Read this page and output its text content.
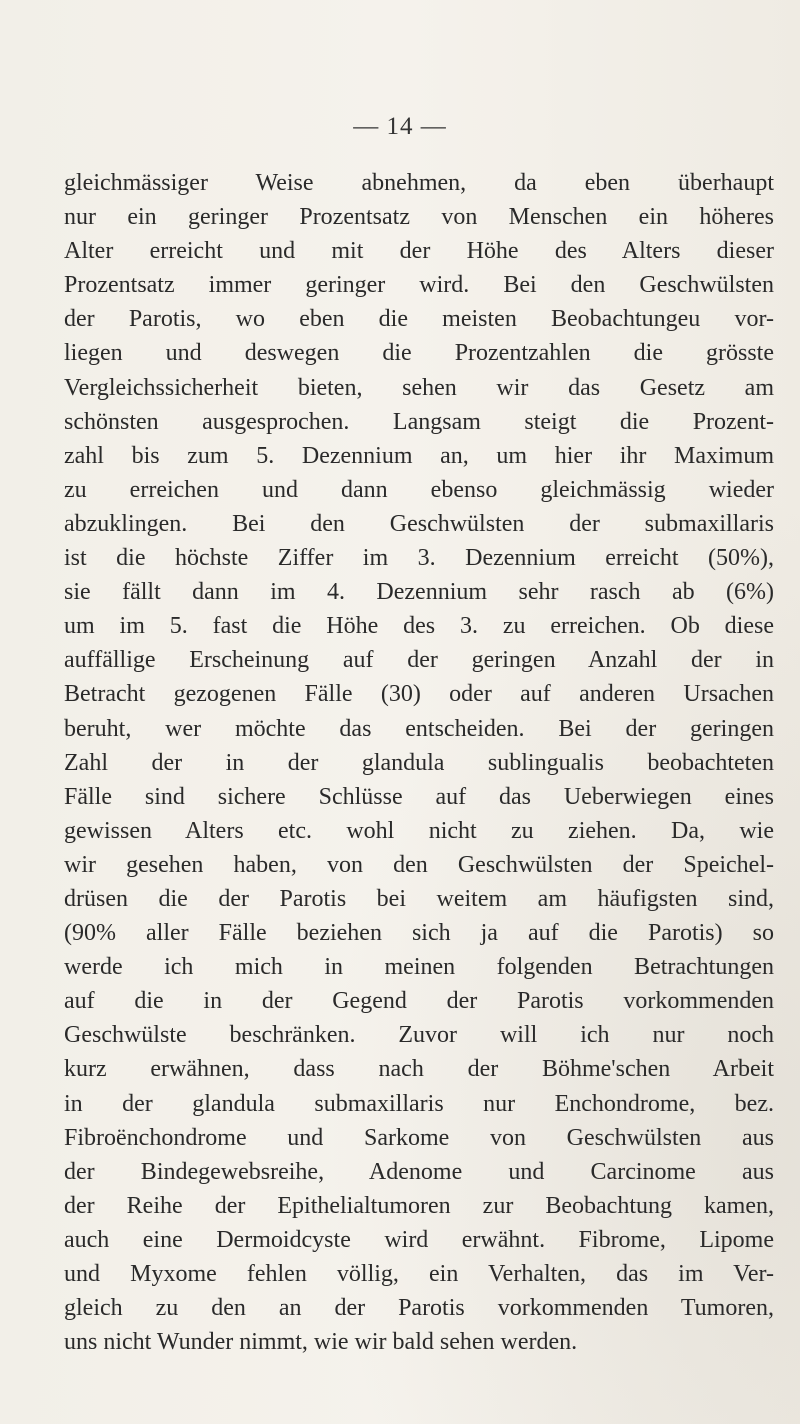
— 14 —
gleichmässiger Weise abnehmen, da eben überhaupt
nur ein geringer Prozentsatz von Menschen ein höheres
Alter erreicht und mit der Höhe des Alters dieser
Prozentsatz immer geringer wird. Bei den Geschwülsten
der Parotis, wo eben die meisten Beobachtungeu vor-
liegen und deswegen die Prozentzahlen die grösste
Vergleichssicherheit bieten, sehen wir das Gesetz am
schönsten ausgesprochen. Langsam steigt die Prozent-
zahl bis zum 5. Dezennium an, um hier ihr Maximum
zu erreichen und dann ebenso gleichmässig wieder
abzuklingen. Bei den Geschwülsten der submaxillaris
ist die höchste Ziffer im 3. Dezennium erreicht (50%),
sie fällt dann im 4. Dezennium sehr rasch ab (6%)
um im 5. fast die Höhe des 3. zu erreichen. Ob diese
auffällige Erscheinung auf der geringen Anzahl der in
Betracht gezogenen Fälle (30) oder auf anderen Ursachen
beruht, wer möchte das entscheiden. Bei der geringen
Zahl der in der glandula sublingualis beobachteten
Fälle sind sichere Schlüsse auf das Ueberwiegen eines
gewissen Alters etc. wohl nicht zu ziehen. Da, wie
wir gesehen haben, von den Geschwülsten der Speichel-
drüsen die der Parotis bei weitem am häufigsten sind,
(90% aller Fälle beziehen sich ja auf die Parotis) so
werde ich mich in meinen folgenden Betrachtungen
auf die in der Gegend der Parotis vorkommenden
Geschwülste beschränken. Zuvor will ich nur noch
kurz erwähnen, dass nach der Böhme'schen Arbeit
in der glandula submaxillaris nur Enchondrome, bez.
Fibroënchondrome und Sarkome von Geschwülsten aus
der Bindegewebsreihe, Adenome und Carcinome aus
der Reihe der Epithelialtumoren zur Beobachtung kamen,
auch eine Dermoidcyste wird erwähnt. Fibrome, Lipome
und Myxome fehlen völlig, ein Verhalten, das im Ver-
gleich zu den an der Parotis vorkommenden Tumoren,
uns nicht Wunder nimmt, wie wir bald sehen werden.
